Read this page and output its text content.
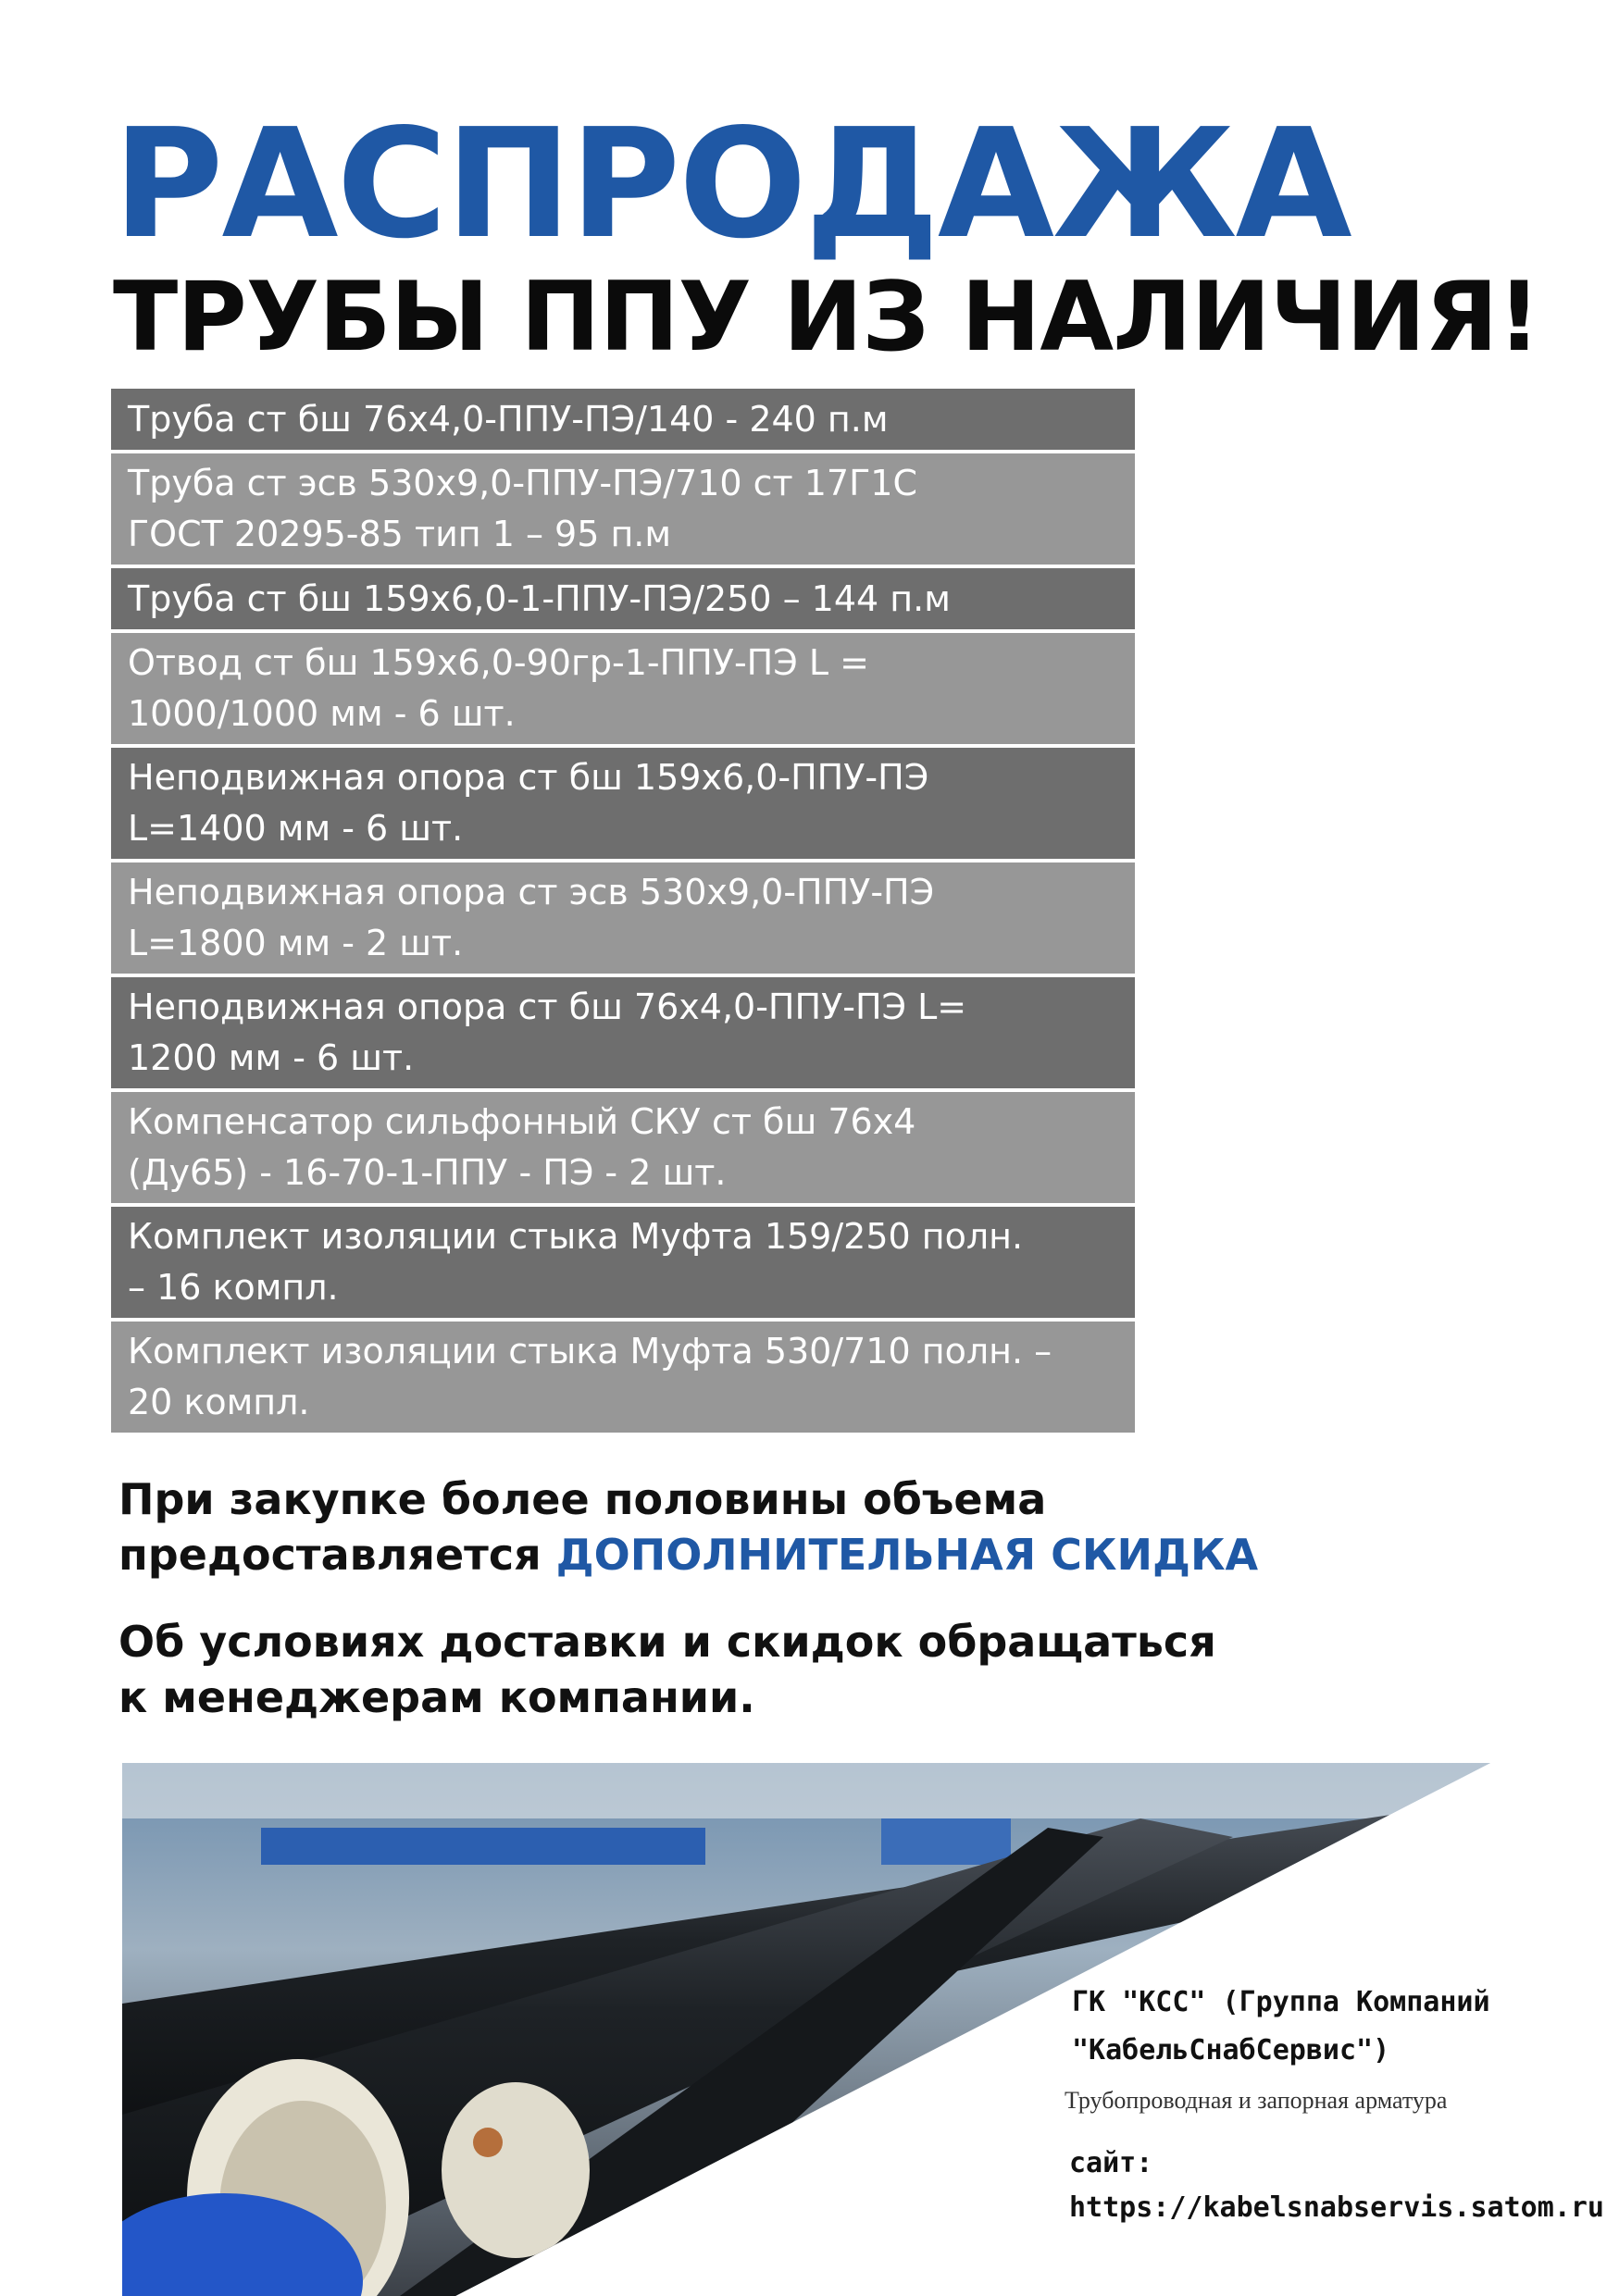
РАСПРОДАЖА
ТРУБЫ ППУ ИЗ НАЛИЧИЯ!
Труба ст бш 76х4,0-ППУ-ПЭ/140 - 240 п.м
Труба ст эсв 530х9,0-ППУ-ПЭ/710 ст 17Г1С
ГОСТ 20295-85 тип 1 – 95 п.м
Труба ст бш 159х6,0-1-ППУ-ПЭ/250 – 144 п.м
Отвод ст бш 159х6,0-90гр-1-ППУ-ПЭ L =
1000/1000 мм - 6 шт.
Неподвижная опора ст бш 159х6,0-ППУ-ПЭ
L=1400 мм - 6 шт.
Неподвижная опора ст эсв 530х9,0-ППУ-ПЭ
L=1800 мм - 2 шт.
Неподвижная опора ст бш 76х4,0-ППУ-ПЭ L=
1200 мм - 6 шт.
Компенсатор сильфонный СКУ ст бш 76х4
(Ду65) - 16-70-1-ППУ - ПЭ - 2 шт.
Комплект изоляции стыка Муфта 159/250 полн.
– 16 компл.
Комплект изоляции стыка Муфта 530/710 полн. –
20 компл.

При закупке более половины объема
предоставляется ДОПОЛНИТЕЛЬНАЯ СКИДКА

Об условиях доставки и скидок обращаться
к менеджерам компании.

ГК "КСС" (Группа Компаний
"КабельСнабСервис")

Трубопроводная и запорная арматура

сайт:

https://kabelsnabservis.satom.ru

kabelsnabservis.ru
